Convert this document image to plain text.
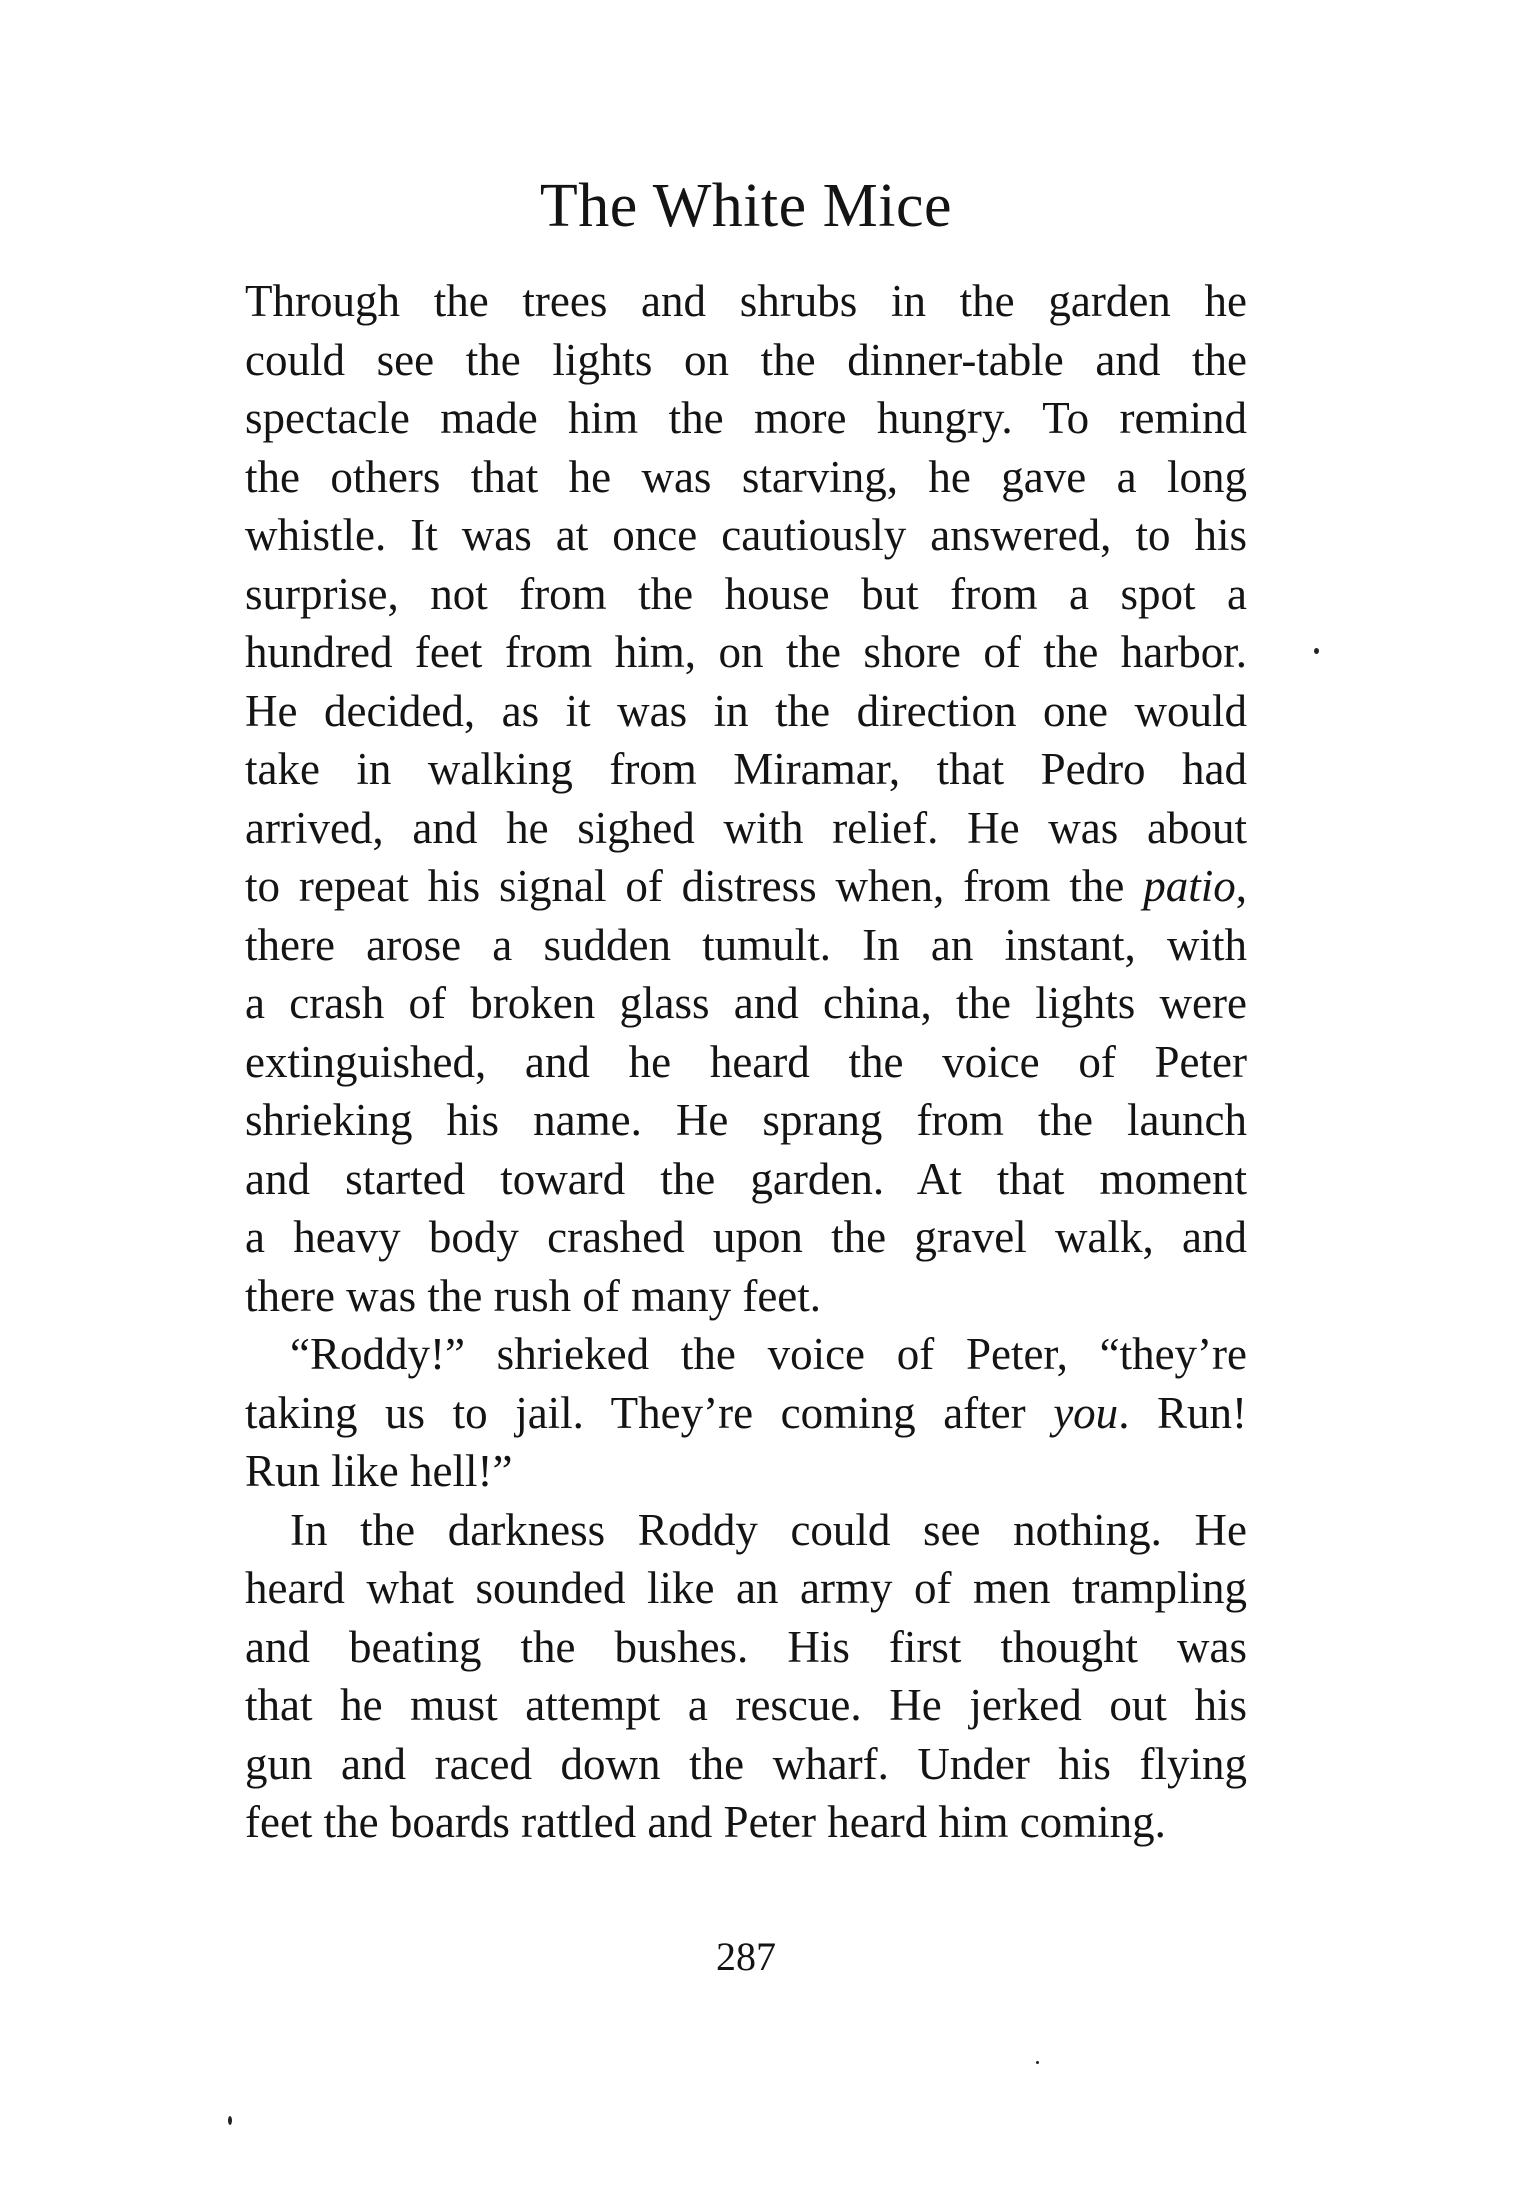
The White Mice

Through the trees and shrubs in the garden he
could see the lights on the dinner-table and the
spectacle made him the more hungry. To remind
the others that he was starving, he gave a long
whistle. It was at once cautiously answered, to his
surprise, not from the house but from a spot a
hundred feet from him, on the shore of the harbor.
He decided, as it was in the direction one would
take in walking from Miramar, that Pedro had
arrived, and he sighed with relief. He was about
to repeat his signal of distress when, from the patio,
there arose a sudden tumult. In an instant, with
a crash of broken glass and china, the lights were
extinguished, and he heard the voice of Peter
shrieking his name. He sprang from the launch
and started toward the garden. At that moment
a heavy body crashed upon the gravel walk, and
there was the rush of many feet.

“Roddy!” shrieked the voice of Peter, “they’re
taking us to jail. They’re coming after you. Run!
Run like hell!”

In the darkness Roddy could see nothing. He
heard what sounded like an army of men trampling
and beating the bushes. His first thought was
that he must attempt a rescue. He jerked out his
gun and raced down the wharf. Under his flying
feet the boards rattled and Peter heard him coming.

287
